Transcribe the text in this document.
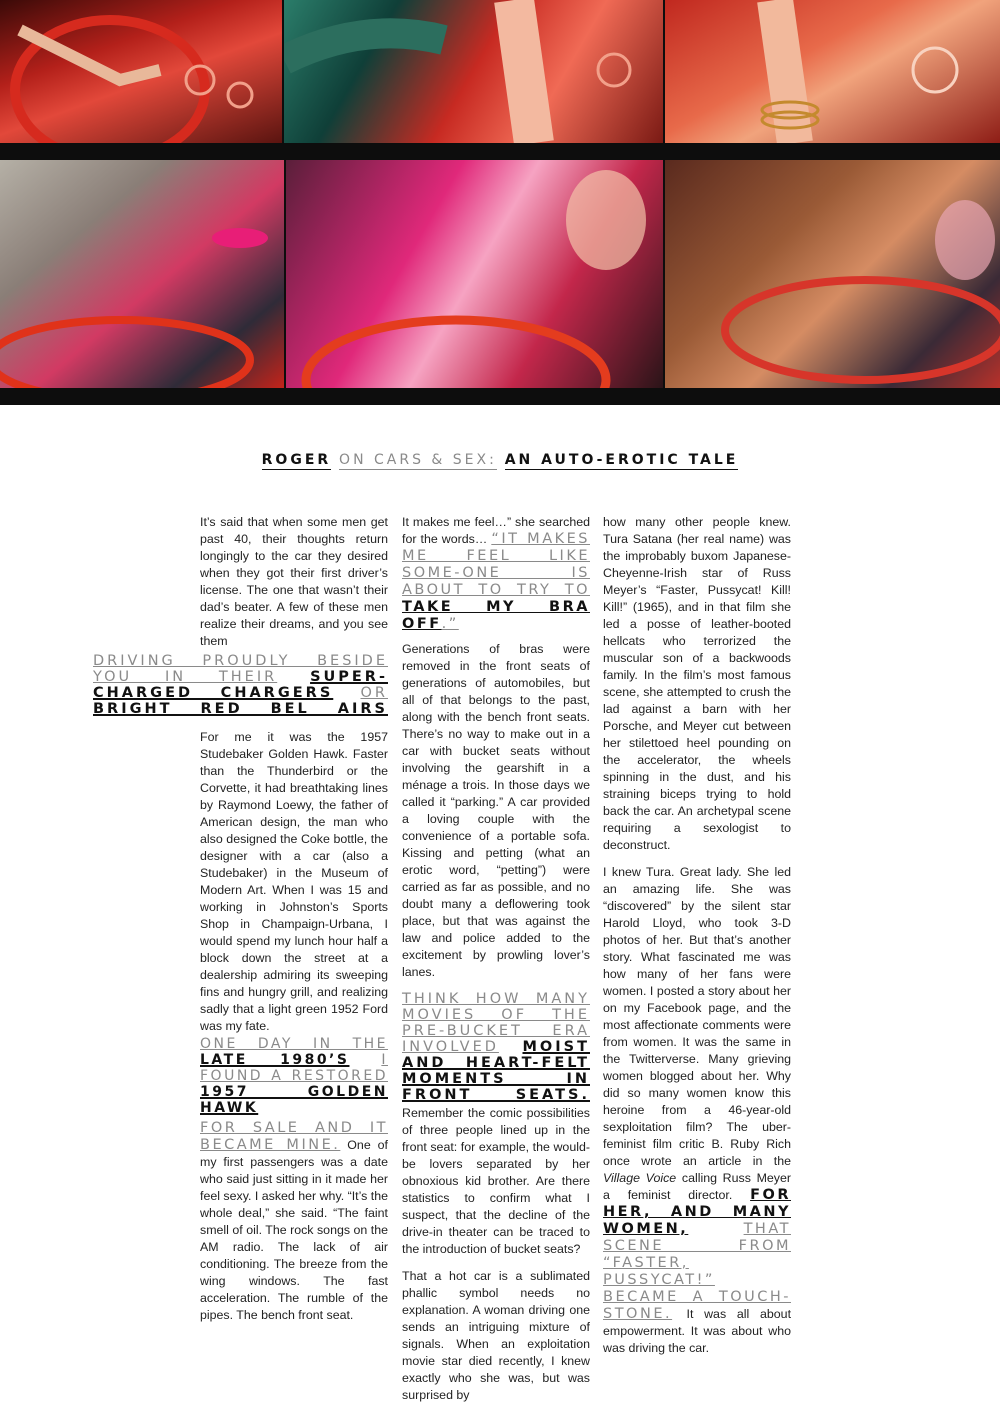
ROGER ON CARS & SEX: AN AUTO-EROTIC TALE

It’s said that when some men get past 40, their thoughts return longingly to the car they desired when they got their first driver’s license. The one that wasn’t their dad’s beater. A few of these men realize their dreams, and you see them

DRIVING PROUDLY BESIDE YOU IN THEIR SUPER-CHARGED CHARGERS OR BRIGHT RED BEL AIRS

For me it was the 1957 Studebaker Golden Hawk. Faster than the Thunderbird or the Corvette, it had breathtaking lines by Raymond Loewy, the father of American design, the man who also designed the Coke bottle, the designer with a car (also a Studebaker) in the Museum of Modern Art. When I was 15 and working in Johnston’s Sports Shop in Champaign-Urbana, I would spend my lunch hour half a block down the street at a dealership admiring its sweeping fins and hungry grill, and realizing sadly that a light green 1952 Ford was my fate.

ONE DAY IN THE LATE 1980’S I FOUND A RESTORED 1957 GOLDEN HAWK

FOR SALE AND IT BECAME MINE. One of my first passengers was a date who said just sitting in it made her feel sexy. I asked her why. “It’s the whole deal,” she said. “The faint smell of oil. The rock songs on the AM radio. The lack of air conditioning. The breeze from the wing windows. The fast acceleration. The rumble of the pipes. The bench front seat.

It makes me feel…” she searched for the words… “IT MAKES ME FEEL LIKE SOME-ONE IS ABOUT TO TRY TO TAKE MY BRA OFF.”

Generations of bras were removed in the front seats of generations of automobiles, but all of that belongs to the past, along with the bench front seats. There’s no way to make out in a car with bucket seats without involving the gearshift in a ménage a trois. In those days we called it “parking.” A car provided a loving couple with the convenience of a portable sofa. Kissing and petting (what an erotic word, “petting”) were carried as far as possible, and no doubt many a deflowering took place, but that was against the law and police added to the excitement by prowling lover’s lanes.

THINK HOW MANY MOVIES OF THE PRE-BUCKET ERA INVOLVED MOIST AND HEART-FELT MOMENTS IN FRONT SEATS.

Remember the comic possibilities of three people lined up in the front seat: for example, the would-be lovers separated by her obnoxious kid brother. Are there statistics to confirm what I suspect, that the decline of the drive-in theater can be traced to the introduction of bucket seats?

That a hot car is a sublimated phallic symbol needs no explanation. A woman driving one sends an intriguing mixture of signals. When an exploitation movie star died recently, I knew exactly who she was, but was surprised by

how many other people knew. Tura Satana (her real name) was the improbably buxom Japanese-Cheyenne-Irish star of Russ Meyer’s “Faster, Pussycat! Kill! Kill!” (1965), and in that film she led a posse of leather-booted hellcats who terrorized the muscular son of a backwoods family. In the film’s most famous scene, she attempted to crush the lad against a barn with her Porsche, and Meyer cut between her stilettoed heel pounding on the accelerator, the wheels spinning in the dust, and his straining biceps trying to hold back the car. An archetypal scene requiring a sexologist to deconstruct.

I knew Tura. Great lady. She led an amazing life. She was “discovered” by the silent star Harold Lloyd, who took 3-D photos of her. But that’s another story. What fascinated me was how many of her fans were women. I posted a story about her on my Facebook page, and the most affectionate comments were from women. It was the same in the Twitterverse. Many grieving women blogged about her. Why did so many women know this heroine from a 46-year-old sexploitation film? The uber-feminist film critic B. Ruby Rich once wrote an article in the Village Voice calling Russ Meyer a feminist director. FOR HER, AND MANY WOMEN,	THAT SCENE FROM “FASTER, PUSSYCAT!” BECAME A TOUCH-STONE. It was all about empowerment. It was about who was driving the car.
